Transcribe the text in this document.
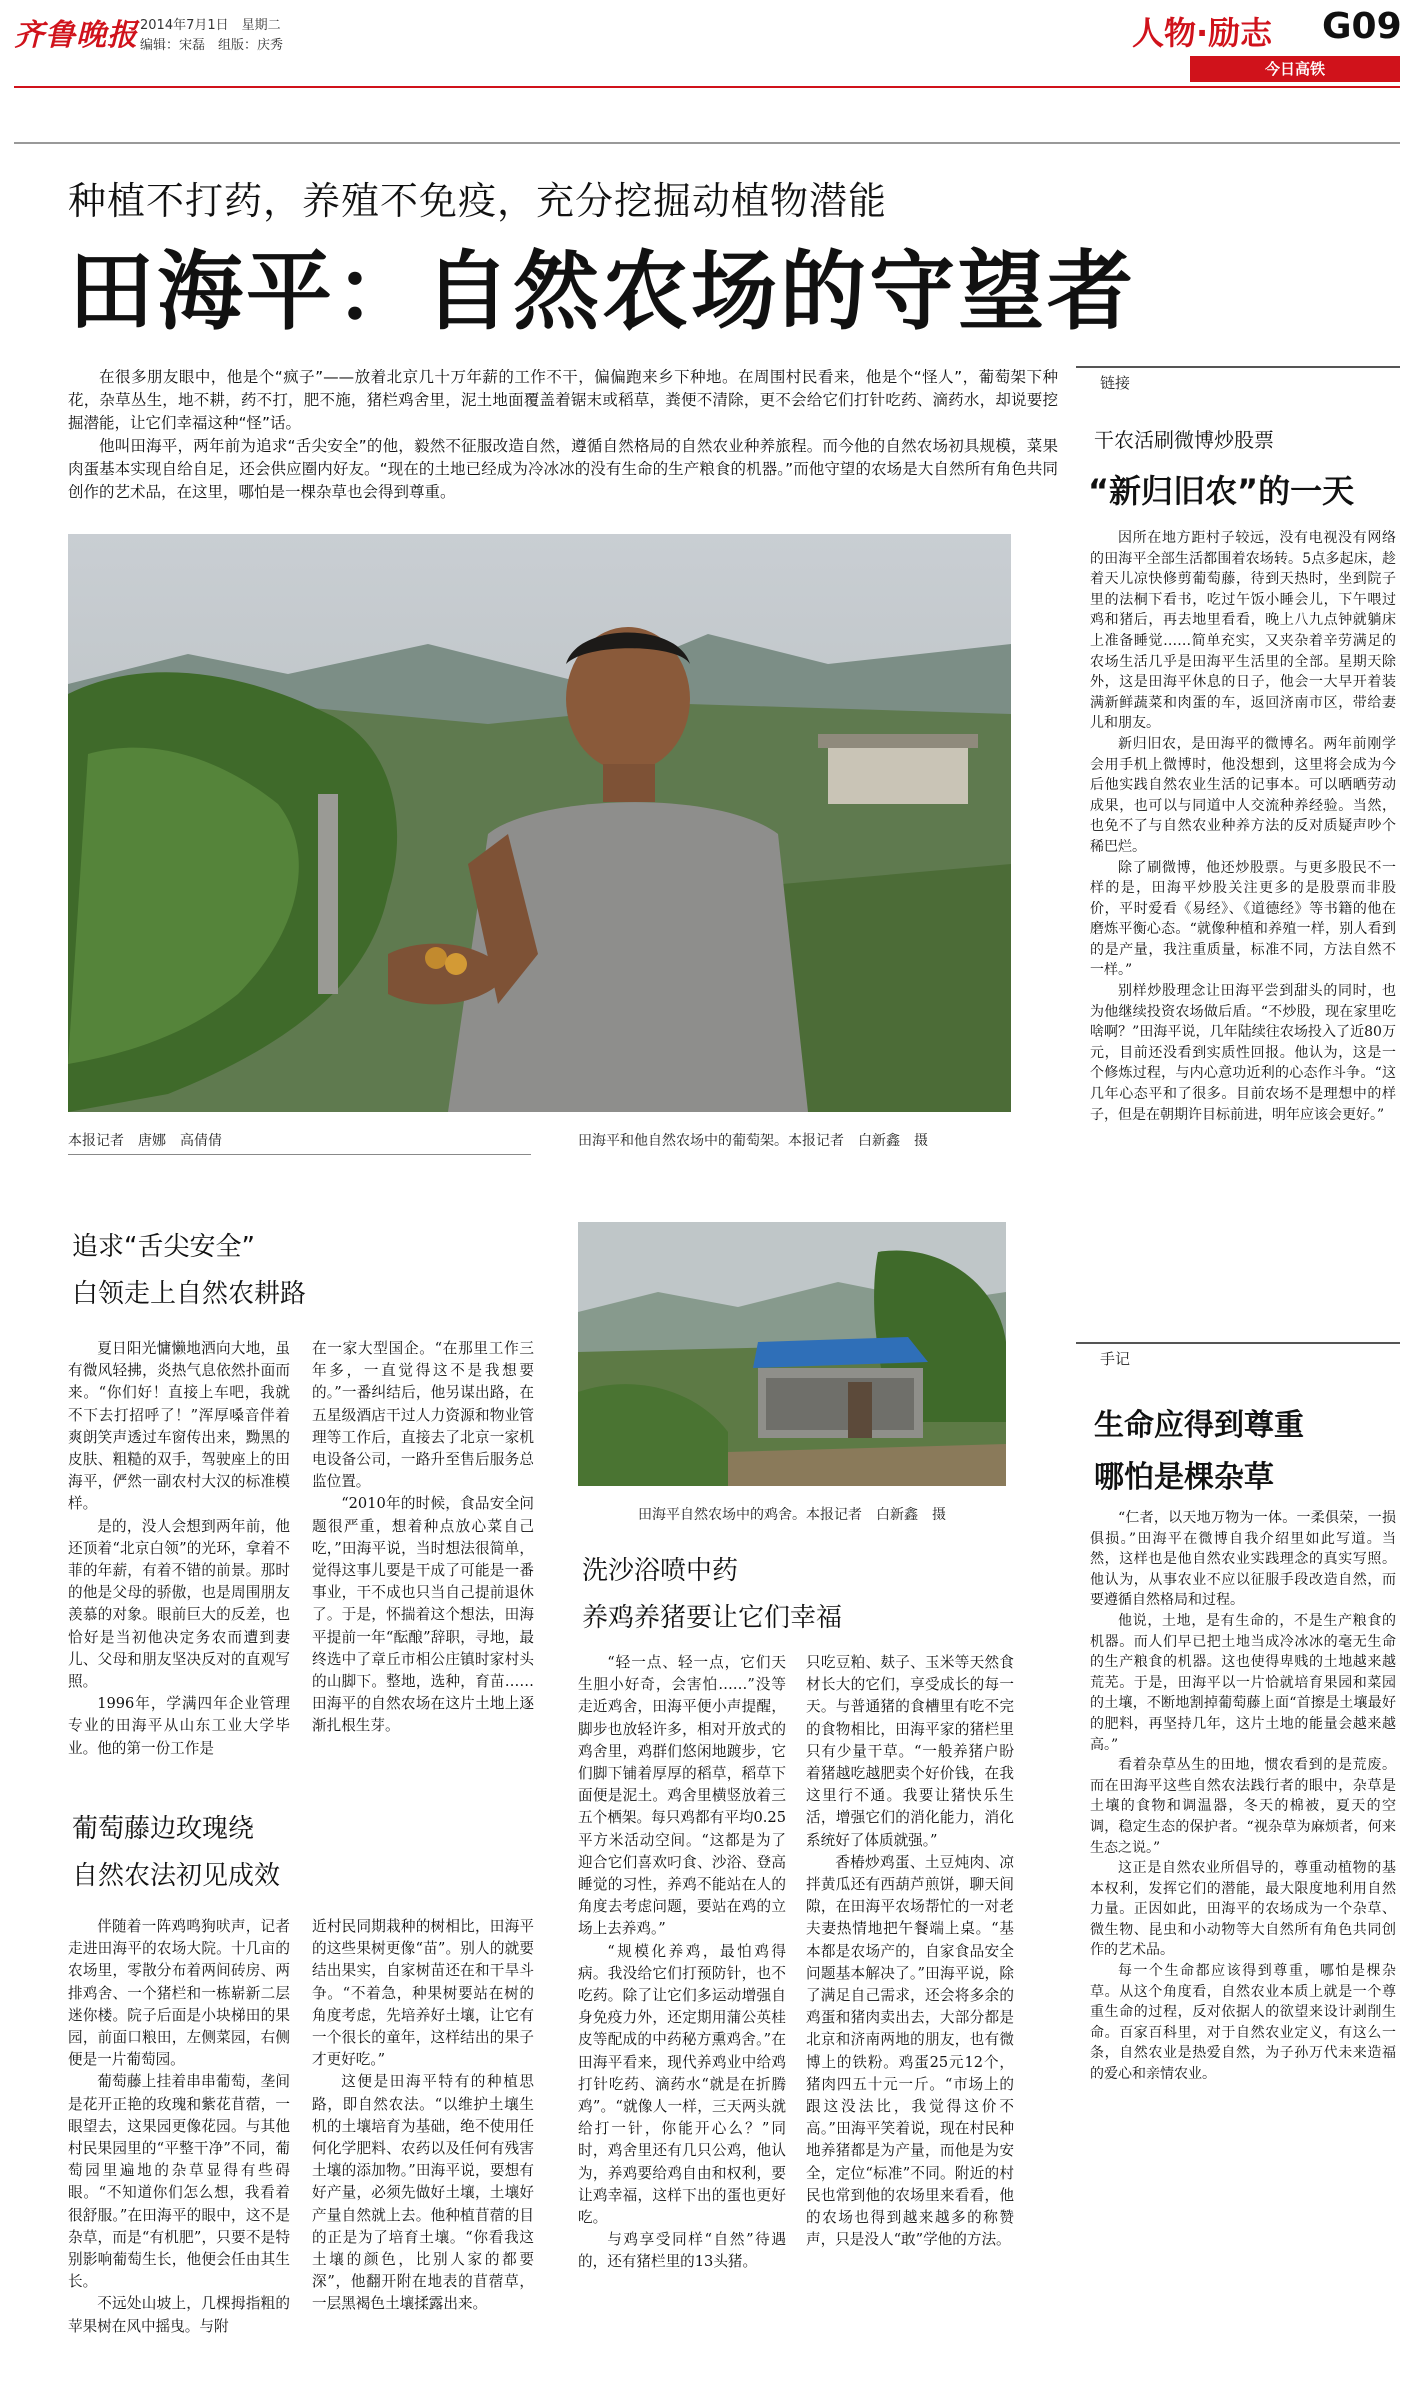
齐鲁晚报 2014年7月1日　星期二
编辑：宋磊　组版：庆秀	人物·励志 G09
今日高铁
种植不打药，养殖不免疫，充分挖掘动植物潜能
田海平：自然农场的守望者

在很多朋友眼中，他是个“疯子”——放着北京几十万年薪的工作不干，偏偏跑来乡下种地。在周围村民看来，他是个“怪人”，葡萄架下种花，杂草丛生，地不耕，药不打，肥不施，猪栏鸡舍里，泥土地面覆盖着锯末或稻草，粪便不清除，更不会给它们打针吃药、滴药水，却说要挖掘潜能，让它们幸福这种“怪”话。

他叫田海平，两年前为追求“舌尖安全”的他，毅然不征服改造自然，遵循自然格局的自然农业种养旅程。而今他的自然农场初具规模，菜果肉蛋基本实现自给自足，还会供应圈内好友。“现在的土地已经成为冷冰冰的没有生命的生产粮食的机器。”而他守望的农场是大自然所有角色共同创作的艺术品，在这里，哪怕是一棵杂草也会得到尊重。

本报记者　唐娜　高倩倩	田海平和他自然农场中的葡萄架。本报记者　白新鑫　摄
追求“舌尖安全”
白领走上自然农耕路

夏日阳光慵懒地洒向大地，虽有微风轻拂，炎热气息依然扑面而来。“你们好！直接上车吧，我就不下去打招呼了！”浑厚嗓音伴着爽朗笑声透过车窗传出来，黝黑的皮肤、粗糙的双手，驾驶座上的田海平，俨然一副农村大汉的标准模样。

是的，没人会想到两年前，他还顶着“北京白领”的光环，拿着不菲的年薪，有着不错的前景。那时的他是父母的骄傲，也是周围朋友羡慕的对象。眼前巨大的反差，也恰好是当初他决定务农而遭到妻儿、父母和朋友坚决反对的直观写照。

1996年，学满四年企业管理专业的田海平从山东工业大学毕业。他的第一份工作是

在一家大型国企。“在那里工作三年多，一直觉得这不是我想要的。”一番纠结后，他另谋出路，在五星级酒店干过人力资源和物业管理等工作后，直接去了北京一家机电设备公司，一路升至售后服务总监位置。

“2010年的时候，食品安全问题很严重，想着种点放心菜自己吃，”田海平说，当时想法很简单，觉得这事儿要是干成了可能是一番事业，干不成也只当自己提前退休了。于是，怀揣着这个想法，田海平提前一年“酝酿”辞职，寻地，最终选中了章丘市相公庄镇时家村头的山脚下。整地，选种，育苗……田海平的自然农场在这片土地上逐渐扎根生芽。

葡萄藤边玫瑰绕
自然农法初见成效

伴随着一阵鸡鸣狗吠声，记者走进田海平的农场大院。十几亩的农场里，零散分布着两间砖房、两排鸡舍、一个猪栏和一栋崭新二层迷你楼。院子后面是小块梯田的果园，前面口粮田，左侧菜园，右侧便是一片葡萄园。

葡萄藤上挂着串串葡萄，垄间是花开正艳的玫瑰和紫花苜蓿，一眼望去，这果园更像花园。与其他村民果园里的“平整干净”不同，葡萄园里遍地的杂草显得有些碍眼。“不知道你们怎么想，我看着很舒服。”在田海平的眼中，这不是杂草，而是“有机肥”，只要不是特别影响葡萄生长，他便会任由其生长。

不远处山坡上，几棵拇指粗的苹果树在风中摇曳。与附

近村民同期栽种的树相比，田海平的这些果树更像“苗”。别人的就要结出果实，自家树苗还在和干旱斗争。“不着急，种果树要站在树的角度考虑，先培养好土壤，让它有一个很长的童年，这样结出的果子才更好吃。”

这便是田海平特有的种植思路，即自然农法。“以维护土壤生机的土壤培育为基础，绝不使用任何化学肥料、农药以及任何有残害土壤的添加物。”田海平说，要想有好产量，必须先做好土壤，土壤好产量自然就上去。他种植苜蓿的目的正是为了培育土壤。“你看我这土壤的颜色，比别人家的都要深”，他翻开附在地表的苜蓿草，一层黑褐色土壤揉露出来。

田海平自然农场中的鸡舍。本报记者　白新鑫　摄
洗沙浴喷中药
养鸡养猪要让它们幸福

“轻一点、轻一点，它们天生胆小好奇，会害怕……”没等走近鸡舍，田海平便小声提醒，脚步也放轻许多，相对开放式的鸡舍里，鸡群们悠闲地踱步，它们脚下铺着厚厚的稻草，稻草下面便是泥土。鸡舍里横竖放着三五个栖架。每只鸡都有平均0.25平方米活动空间。“这都是为了迎合它们喜欢叼食、沙浴、登高睡觉的习性，养鸡不能站在人的角度去考虑问题，要站在鸡的立场上去养鸡。”

“规模化养鸡，最怕鸡得病。我没给它们打预防针，也不吃药。除了让它们多运动增强自身免疫力外，还定期用蒲公英桂皮等配成的中药秘方熏鸡舍。”在田海平看来，现代养鸡业中给鸡打针吃药、滴药水“就是在折腾鸡”。“就像人一样，三天两头就给打一针，你能开心么？”同时，鸡舍里还有几只公鸡，他认为，养鸡要给鸡自由和权利，要让鸡幸福，这样下出的蛋也更好吃。

与鸡享受同样“自然”待遇的，还有猪栏里的13头猪。

只吃豆粕、麸子、玉米等天然食材长大的它们，享受成长的每一天。与普通猪的食槽里有吃不完的食物相比，田海平家的猪栏里只有少量干草。“一般养猪户盼着猪越吃越肥卖个好价钱，在我这里行不通。我要让猪快乐生活，增强它们的消化能力，消化系统好了体质就强。”

香椿炒鸡蛋、土豆炖肉、凉拌黄瓜还有西葫芦煎饼，聊天间隙，在田海平农场帮忙的一对老夫妻热情地把午餐端上桌。“基本都是农场产的，自家食品安全问题基本解决了。”田海平说，除了满足自己需求，还会将多余的鸡蛋和猪肉卖出去，大部分都是北京和济南两地的朋友，也有微博上的铁粉。鸡蛋25元12个，猪肉四五十元一斤。“市场上的跟这没法比，我觉得这价不高。”田海平笑着说，现在村民种地养猪都是为产量，而他是为安全，定位“标准”不同。附近的村民也常到他的农场里来看看，他的农场也得到越来越多的称赞声，只是没人“敢”学他的方法。

链接
干农活刷微博炒股票
“新归旧农”的一天

因所在地方距村子较远，没有电视没有网络的田海平全部生活都围着农场转。5点多起床，趁着天儿凉快修剪葡萄藤，待到天热时，坐到院子里的法桐下看书，吃过午饭小睡会儿，下午喂过鸡和猪后，再去地里看看，晚上八九点钟就躺床上准备睡觉……简单充实，又夹杂着辛劳满足的农场生活几乎是田海平生活里的全部。星期天除外，这是田海平休息的日子，他会一大早开着装满新鲜蔬菜和肉蛋的车，返回济南市区，带给妻儿和朋友。

新归旧农，是田海平的微博名。两年前刚学会用手机上微博时，他没想到，这里将会成为今后他实践自然农业生活的记事本。可以晒晒劳动成果，也可以与同道中人交流种养经验。当然，也免不了与自然农业种养方法的反对质疑声吵个稀巴烂。

除了刷微博，他还炒股票。与更多股民不一样的是，田海平炒股关注更多的是股票而非股价，平时爱看《易经》、《道德经》等书籍的他在磨炼平衡心态。“就像种植和养殖一样，别人看到的是产量，我注重质量，标准不同，方法自然不一样。”

别样炒股理念让田海平尝到甜头的同时，也为他继续投资农场做后盾。“不炒股，现在家里吃啥啊？”田海平说，几年陆续往农场投入了近80万元，目前还没看到实质性回报。他认为，这是一个修炼过程，与内心意功近利的心态作斗争。“这几年心态平和了很多。目前农场不是理想中的样子，但是在朝期许目标前进，明年应该会更好。”

手记
生命应得到尊重
哪怕是棵杂草

“仁者，以天地万物为一体。一柔俱荣，一损俱损。”田海平在微博自我介绍里如此写道。当然，这样也是他自然农业实践理念的真实写照。他认为，从事农业不应以征服手段改造自然，而要遵循自然格局和过程。

他说，土地，是有生命的，不是生产粮食的机器。而人们早已把土地当成冷冰冰的毫无生命的生产粮食的机器。这也使得卑贱的土地越来越荒芜。于是，田海平以一片恰就培育果园和菜园的土壤，不断地割掉葡萄藤上面“首擦是土壤最好的肥料，再坚持几年，这片土地的能量会越来越高。”

看着杂草丛生的田地，惯农看到的是荒废。而在田海平这些自然农法践行者的眼中，杂草是土壤的食物和调温器，冬天的棉被，夏天的空调，稳定生态的保护者。“视杂草为麻烦者，何来生态之说。”

这正是自然农业所倡导的，尊重动植物的基本权利，发挥它们的潜能，最大限度地利用自然力量。正因如此，田海平的农场成为一个杂草、微生物、昆虫和小动物等大自然所有角色共同创作的艺术品。

每一个生命都应该得到尊重，哪怕是棵杂草。从这个角度看，自然农业本质上就是一个尊重生命的过程，反对依据人的欲望来设计剥削生命。百家百科里，对于自然农业定义，有这么一条，自然农业是热爱自然，为子孙万代未来造福的爱心和亲情农业。
